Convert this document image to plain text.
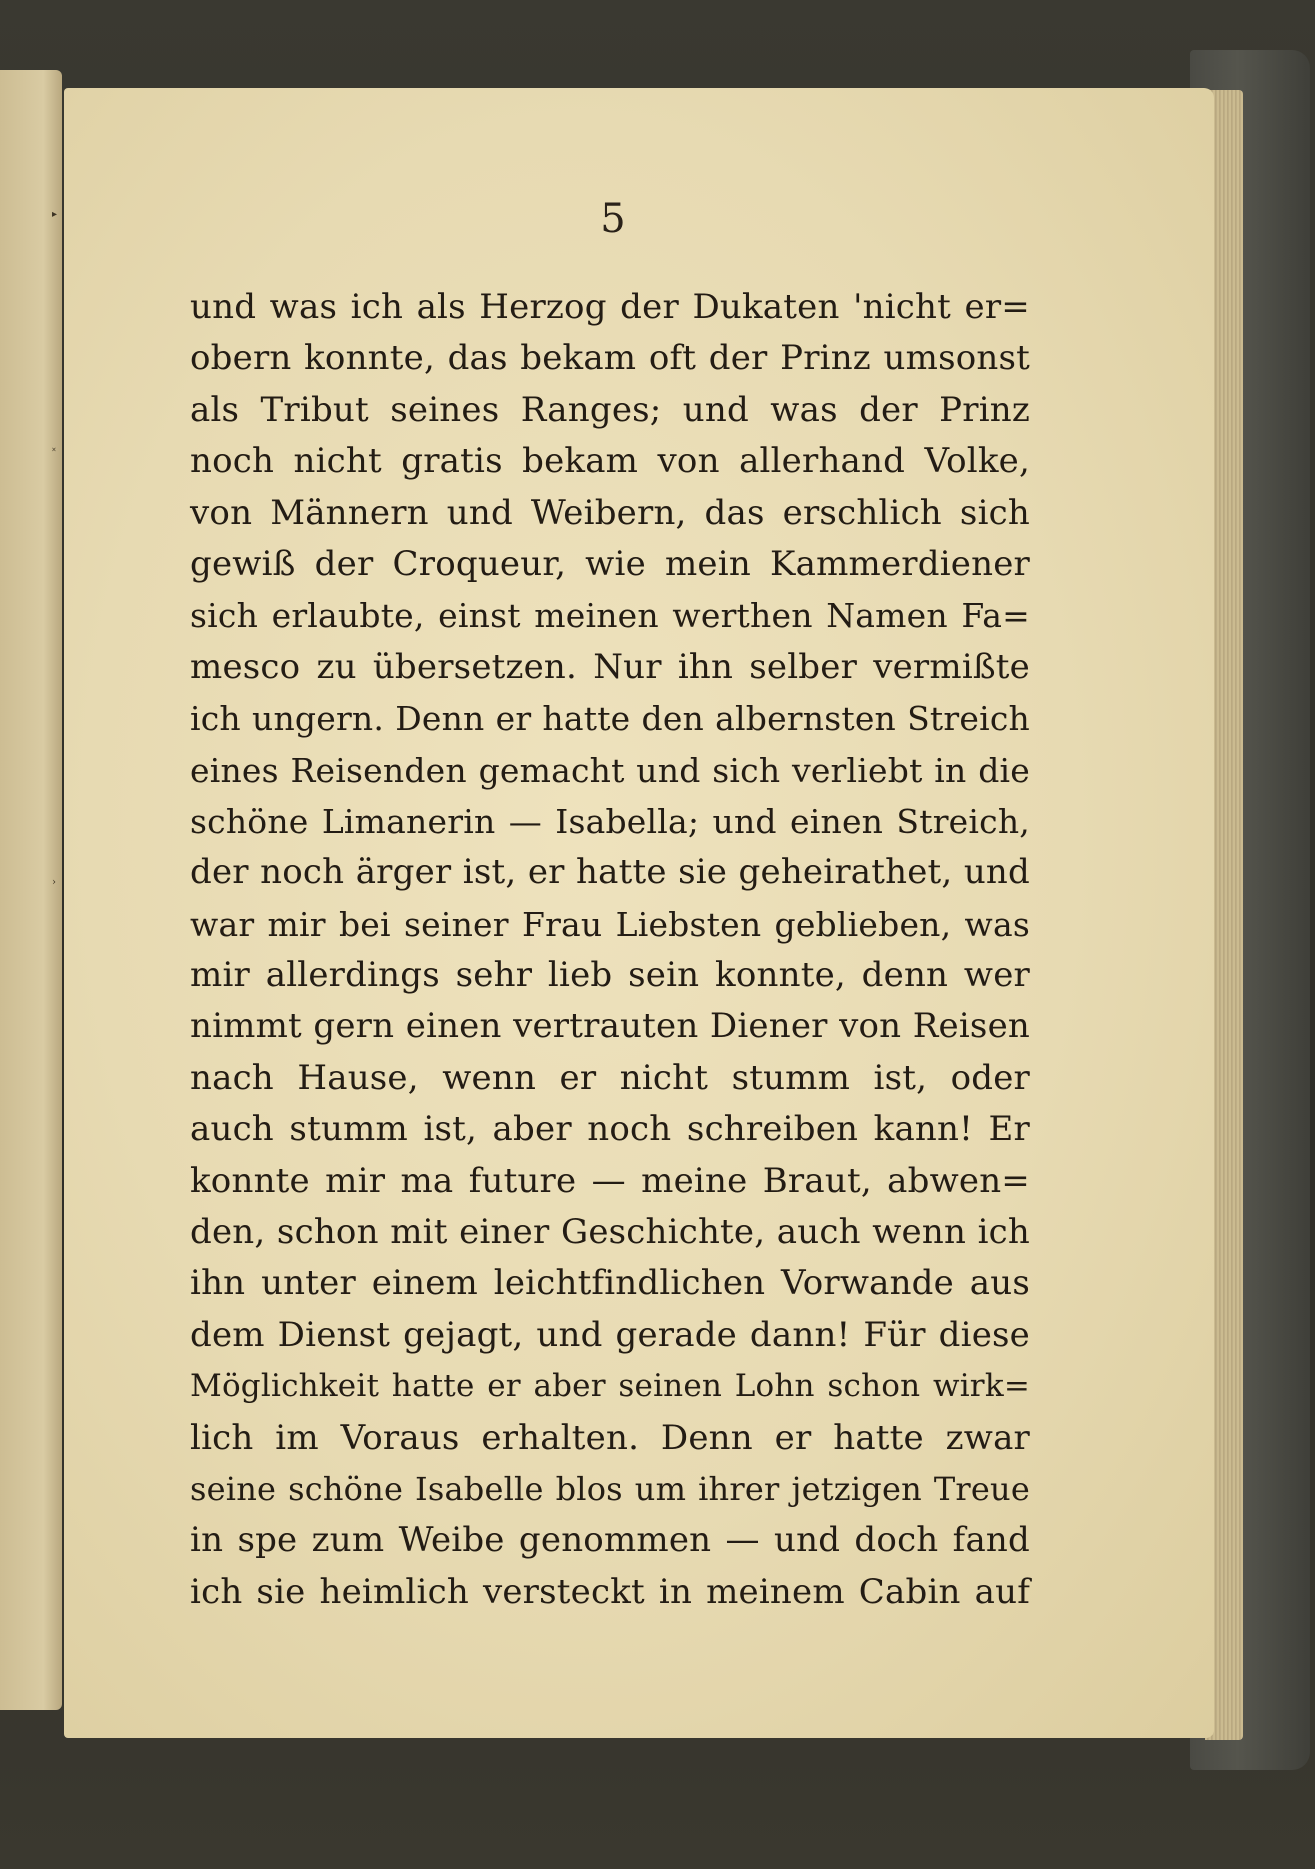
▸
˟
›
5
und was ich als Herzog der Dukaten 'nicht er=
obern konnte, das bekam oft der Prinz umsonst
als Tribut seines Ranges; und was der Prinz
noch nicht gratis bekam von allerhand Volke,
von Männern und Weibern, das erschlich sich
gewiß der Croqueur, wie mein Kammerdiener
sich erlaubte, einst meinen werthen Namen Fa=
mesco zu übersetzen. Nur ihn selber vermißte
ich ungern. Denn er hatte den albernsten Streich
eines Reisenden gemacht und sich verliebt in die
schöne Limanerin — Isabella; und einen Streich,
der noch ärger ist, er hatte sie geheirathet, und
war mir bei seiner Frau Liebsten geblieben, was
mir allerdings sehr lieb sein konnte, denn wer
nimmt gern einen vertrauten Diener von Reisen
nach Hause, wenn er nicht stumm ist, oder
auch stumm ist, aber noch schreiben kann! Er
konnte mir ma future — meine Braut, abwen=
den, schon mit einer Geschichte, auch wenn ich
ihn unter einem leichtfindlichen Vorwande aus
dem Dienst gejagt, und gerade dann! Für diese
Möglichkeit hatte er aber seinen Lohn schon wirk=
lich im Voraus erhalten. Denn er hatte zwar
seine schöne Isabelle blos um ihrer jetzigen Treue
in spe zum Weibe genommen — und doch fand
ich sie heimlich versteckt in meinem Cabin auf
